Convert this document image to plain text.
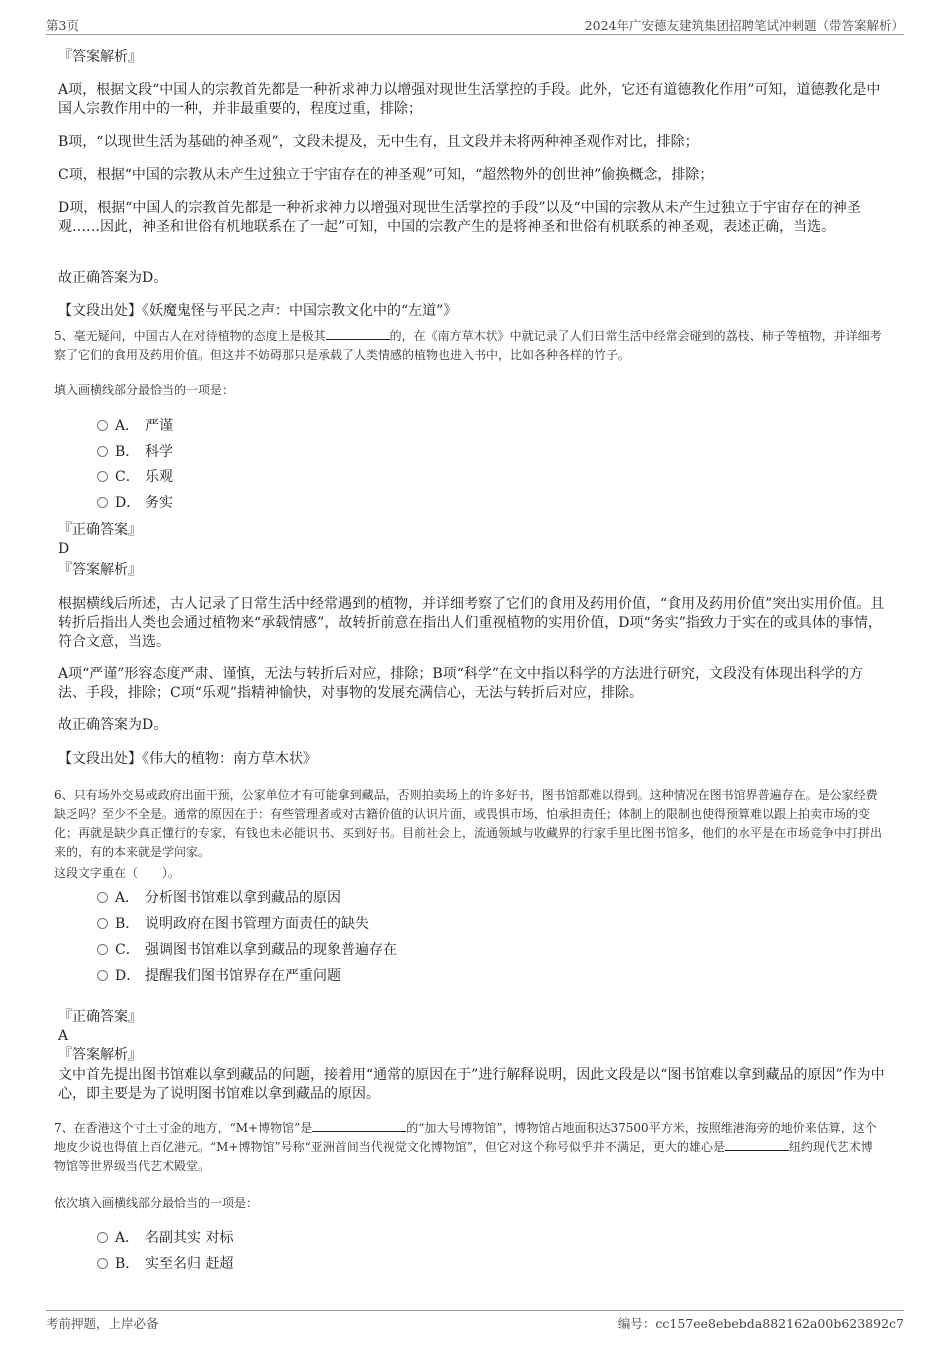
第3页	2024年广安德友建筑集团招聘笔试冲刺题（带答案解析）
『答案解析』
A项，根据文段“中国人的宗教首先都是一种祈求神力以增强对现世生活掌控的手段。此外，它还有道德教化作用”可知，道德教化是中国人宗教作用中的一种，并非最重要的，程度过重，排除；
B项，“以现世生活为基础的神圣观”，文段未提及，无中生有，且文段并未将两种神圣观作对比，排除；
C项，根据“中国的宗教从未产生过独立于宇宙存在的神圣观”可知，“超然物外的创世神”偷换概念，排除；
D项，根据“中国人的宗教首先都是一种祈求神力以增强对现世生活掌控的手段”以及“中国的宗教从未产生过独立于宇宙存在的神圣观……因此，神圣和世俗有机地联系在了一起”可知，中国的宗教产生的是将神圣和世俗有机联系的神圣观，表述正确，当选。
故正确答案为D。
【文段出处】《妖魔鬼怪与平民之声：中国宗教文化中的“左道”》
5、毫无疑问，中国古人在对待植物的态度上是极其	的，在《南方草木状》中就记录了人们日常生活中经常会碰到的荔枝、柿子等植物，并详细考察了它们的食用及药用价值。但这并不妨碍那只是承载了人类情感的植物也进入书中，比如各种各样的竹子。
填入画横线部分最恰当的一项是：
A． 严谨
B． 科学
C． 乐观
D． 务实
『正确答案』
D
『答案解析』
根据横线后所述，古人记录了日常生活中经常遇到的植物，并详细考察了它们的食用及药用价值，“食用及药用价值”突出实用价值。且转折后指出人类也会通过植物来“承载情感”，故转折前意在指出人们重视植物的实用价值，D项“务实”指致力于实在的或具体的事情，符合文意，当选。
A项“严谨”形容态度严肃、谨慎，无法与转折后对应，排除；B项“科学”在文中指以科学的方法进行研究，文段没有体现出科学的方法、手段，排除；C项“乐观”指精神愉快，对事物的发展充满信心，无法与转折后对应，排除。
故正确答案为D。
【文段出处】《伟大的植物：南方草木状》
6、只有场外交易或政府出面干预，公家单位才有可能拿到藏品，否则拍卖场上的许多好书，图书馆都难以得到。这种情况在图书馆界普遍存在。是公家经费缺乏吗？至少不全是。通常的原因在于：有些管理者或对古籍价值的认识片面，或畏惧市场，怕承担责任；体制上的限制也使得预算难以跟上拍卖市场的变化；再就是缺少真正懂行的专家，有钱也未必能识书、买到好书。目前社会上，流通领域与收藏界的行家手里比图书馆多，他们的水平是在市场竞争中打拼出来的，有的本来就是学问家。
这段文字重在（　　）。
A． 分析图书馆难以拿到藏品的原因
B． 说明政府在图书管理方面责任的缺失
C． 强调图书馆难以拿到藏品的现象普遍存在
D． 提醒我们图书馆界存在严重问题
『正确答案』
A
『答案解析』
文中首先提出图书馆难以拿到藏品的问题，接着用“通常的原因在于”进行解释说明，因此文段是以“图书馆难以拿到藏品的原因”作为中心，即主要是为了说明图书馆难以拿到藏品的原因。
7、在香港这个寸土寸金的地方，“M+博物馆”是	的“加大号博物馆”，博物馆占地面积达37500平方米，按照维港海旁的地价来估算，这个地皮少说也得值上百亿港元。“M+博物馆”号称“亚洲首间当代视觉文化博物馆”，但它对这个称号似乎并不满足，更大的雄心是	纽约现代艺术博物馆等世界级当代艺术殿堂。
依次填入画横线部分最恰当的一项是：
A． 名副其实 对标
B． 实至名归 赶超
考前押题，上岸必备	编号：cc157ee8ebebda882162a00b623892c7
